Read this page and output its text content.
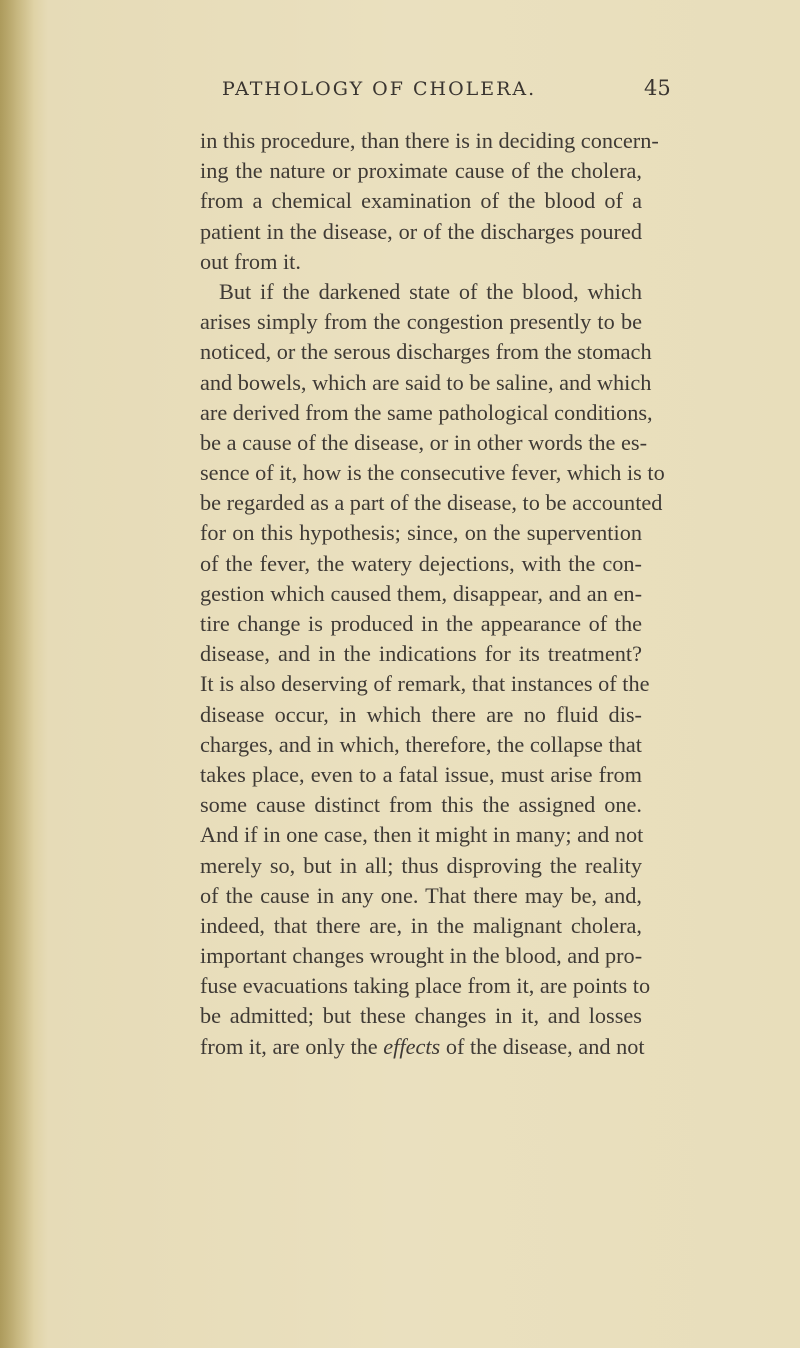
PATHOLOGY OF CHOLERA.	45
in this procedure, than there is in deciding concern-
ing the nature or proximate cause of the cholera,
from a chemical examination of the blood of a
patient in the disease, or of the discharges poured
out from it.
But if the darkened state of the blood, which
arises simply from the congestion presently to be
noticed, or the serous discharges from the stomach
and bowels, which are said to be saline, and which
are derived from the same pathological conditions,
be a cause of the disease, or in other words the es-
sence of it, how is the consecutive fever, which is to
be regarded as a part of the disease, to be accounted
for on this hypothesis; since, on the supervention
of the fever, the watery dejections, with the con-
gestion which caused them, disappear, and an en-
tire change is produced in the appearance of the
disease, and in the indications for its treatment?
It is also deserving of remark, that instances of the
disease occur, in which there are no fluid dis-
charges, and in which, therefore, the collapse that
takes place, even to a fatal issue, must arise from
some cause distinct from this the assigned one.
And if in one case, then it might in many; and not
merely so, but in all; thus disproving the reality
of the cause in any one. That there may be, and,
indeed, that there are, in the malignant cholera,
important changes wrought in the blood, and pro-
fuse evacuations taking place from it, are points to
be admitted; but these changes in it, and losses
from it, are only the effects of the disease, and not
